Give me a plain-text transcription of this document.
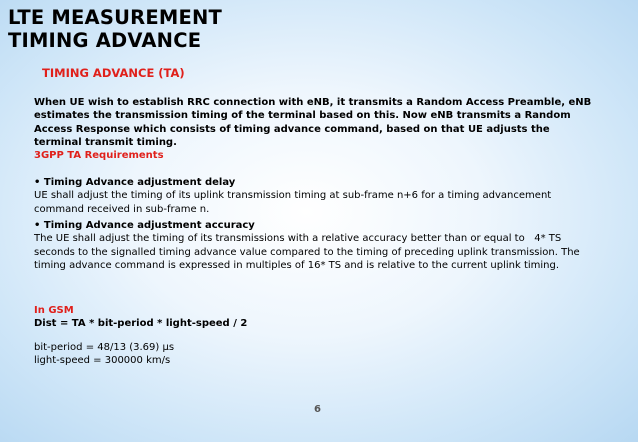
LTE MEASUREMENT
TIMING ADVANCE

TIMING ADVANCE (TA)

When UE wish to establish RRC connection with eNB, it transmits a Random Access Preamble, eNB estimates the transmission timing of the terminal based on this. Now eNB transmits a Random Access Response which consists of timing advance command, based on that UE adjusts the terminal transmit timing.

3GPP TA Requirements

• Timing Advance adjustment delay
UE shall adjust the timing of its uplink transmission timing at sub-frame n+6 for a timing advancement command received in sub-frame n.
• Timing Advance adjustment accuracy
The UE shall adjust the timing of its transmissions with a relative accuracy better than or equal to   4* TS seconds to the signalled timing advance value compared to the timing of preceding uplink transmission. The timing advance command is expressed in multiples of 16* TS and is relative to the current uplink timing.

In GSM

Dist = TA * bit-period * light-speed / 2

bit-period = 48/13 (3.69) μs

light-speed = 300000 km/s

6
